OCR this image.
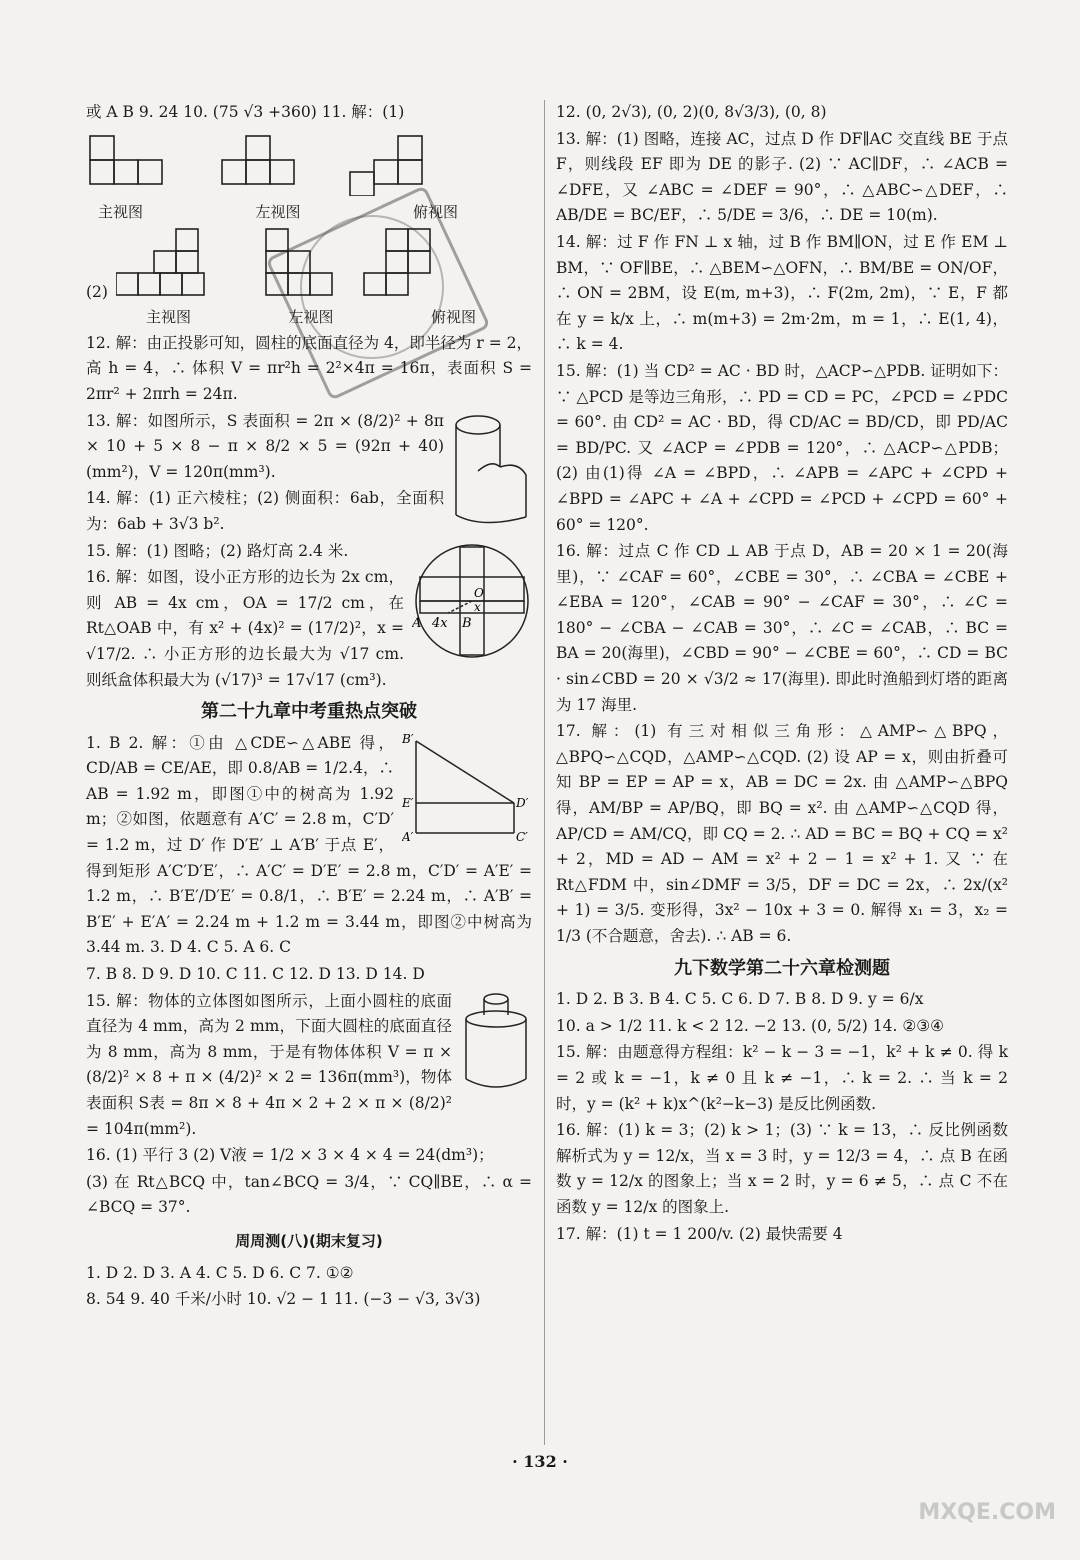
或 A B 9. 24 10. (75 √3 +360) 11. 解：(1)

主视图	左视图	俯视图
(2)
主视图	左视图	俯视图

12. 解：由正投影可知，圆柱的底面直径为 4，即半径为 r = 2，高 h = 4，∴ 体积 V = πr²h = 2²×4π = 16π，表面积 S = 2πr² + 2πrh = 24π.

13. 解：如图所示，S 表面积 = 2π × (8/2)² + 8π × 10 + 5 × 8 − π × 8/2 × 5 = (92π + 40)(mm²)，V = 120π(mm³).

14. 解：(1) 正六棱柱；(2) 侧面积：6ab，全面积为：6ab + 3√3 b².

A 4x B
O
x

15. 解：(1) 图略；(2) 路灯高 2.4 米.

16. 解：如图，设小正方形的边长为 2x cm，则 AB = 4x cm，OA = 17/2 cm，在 Rt△OAB 中，有 x² + (4x)² = (17/2)²，x = √17/2. ∴ 小正方形的边长最大为 √17 cm. 则纸盒体积最大为 (√17)³ = 17√17 (cm³).

第二十九章中考重热点突破
B′
E′	D′
A′	C′

1. B 2. 解：①由 △CDE∽△ABE 得，CD/AB = CE/AE，即 0.8/AB = 1/2.4，∴ AB = 1.92 m，即图①中的树高为 1.92 m；②如图，依题意有 A′C′ = 2.8 m，C′D′ = 1.2 m，过 D′ 作 D′E′ ⊥ A′B′ 于点 E′，得到矩形 A′C′D′E′，∴ A′C′ = D′E′ = 2.8 m，C′D′ = A′E′ = 1.2 m，∴ B′E′/D′E′ = 0.8/1，∴ B′E′ = 2.24 m，∴ A′B′ = B′E′ + E′A′ = 2.24 m + 1.2 m = 3.44 m，即图②中树高为 3.44 m. 3. D 4. C 5. A 6. C

7. B 8. D 9. D 10. C 11. C 12. D 13. D 14. D

15. 解：物体的立体图如图所示，上面小圆柱的底面直径为 4 mm，高为 2 mm，下面大圆柱的底面直径为 8 mm，高为 8 mm，于是有物体体积 V = π × (8/2)² × 8 + π × (4/2)² × 2 = 136π(mm³)，物体表面积 S表 = 8π × 8 + 4π × 2 + 2 × π × (8/2)² = 104π(mm²).

16. (1) 平行 3 (2) V液 = 1/2 × 3 × 4 × 4 = 24(dm³)；

(3) 在 Rt△BCQ 中，tan∠BCQ = 3/4，∵ CQ∥BE，∴ α = ∠BCQ = 37°.

周周测(八)(期末复习)

1. D 2. D 3. A 4. C 5. D 6. C 7. ①②

8. 54 9. 40 千米/小时 10. √2 − 1 11. (−3 − √3, 3√3)

12. (0, 2√3), (0, 2)(0, 8√3/3), (0, 8)

13. 解：(1) 图略，连接 AC，过点 D 作 DF∥AC 交直线 BE 于点 F，则线段 EF 即为 DE 的影子. (2) ∵ AC∥DF，∴ ∠ACB = ∠DFE，又 ∠ABC = ∠DEF = 90°，∴ △ABC∽△DEF，∴ AB/DE = BC/EF，∴ 5/DE = 3/6，∴ DE = 10(m).

14. 解：过 F 作 FN ⊥ x 轴，过 B 作 BM∥ON，过 E 作 EM ⊥ BM，∵ OF∥BE，∴ △BEM∽△OFN，∴ BM/BE = ON/OF，∴ ON = 2BM，设 E(m, m+3)，∴ F(2m, 2m)，∵ E，F 都在 y = k/x 上，∴ m(m+3) = 2m·2m，m = 1，∴ E(1, 4)，∴ k = 4.

15. 解：(1) 当 CD² = AC · BD 时，△ACP∽△PDB. 证明如下：∵ △PCD 是等边三角形，∴ PD = CD = PC，∠PCD = ∠PDC = 60°. 由 CD² = AC · BD，得 CD/AC = BD/CD，即 PD/AC = BD/PC. 又 ∠ACP = ∠PDB = 120°，∴ △ACP∽△PDB；(2) 由(1)得 ∠A = ∠BPD，∴ ∠APB = ∠APC + ∠CPD + ∠BPD = ∠APC + ∠A + ∠CPD = ∠PCD + ∠CPD = 60° + 60° = 120°.

16. 解：过点 C 作 CD ⊥ AB 于点 D，AB = 20 × 1 = 20(海里)，∵ ∠CAF = 60°，∠CBE = 30°，∴ ∠CBA = ∠CBE + ∠EBA = 120°，∠CAB = 90° − ∠CAF = 30°，∴ ∠C = 180° − ∠CBA − ∠CAB = 30°，∴ ∠C = ∠CAB，∴ BC = BA = 20(海里)，∠CBD = 90° − ∠CBE = 60°，∴ CD = BC · sin∠CBD = 20 × √3/2 ≈ 17(海里). 即此时渔船到灯塔的距离为 17 海里.

17. 解：(1) 有三对相似三角形：△AMP∽△BPQ，△BPQ∽△CQD，△AMP∽△CQD. (2) 设 AP = x，则由折叠可知 BP = EP = AP = x，AB = DC = 2x. 由 △AMP∽△BPQ 得，AM/BP = AP/BQ，即 BQ = x². 由 △AMP∽△CQD 得，AP/CD = AM/CQ，即 CQ = 2. ∴ AD = BC = BQ + CQ = x² + 2，MD = AD − AM = x² + 2 − 1 = x² + 1. 又 ∵ 在 Rt△FDM 中，sin∠DMF = 3/5，DF = DC = 2x，∴ 2x/(x² + 1) = 3/5. 变形得，3x² − 10x + 3 = 0. 解得 x₁ = 3，x₂ = 1/3 (不合题意，舍去). ∴ AB = 6.

九下数学第二十六章检测题

1. D 2. B 3. B 4. C 5. C 6. D 7. B 8. D 9. y = 6/x

10. a > 1/2 11. k < 2 12. −2 13. (0, 5/2) 14. ②③④

15. 解：由题意得方程组：k² − k − 3 = −1，k² + k ≠ 0. 得 k = 2 或 k = −1，k ≠ 0 且 k ≠ −1，∴ k = 2. ∴ 当 k = 2 时，y = (k² + k)x^(k²−k−3) 是反比例函数.

16. 解：(1) k = 3；(2) k > 1；(3) ∵ k = 13，∴ 反比例函数解析式为 y = 12/x，当 x = 3 时，y = 12/3 = 4，∴ 点 B 在函数 y = 12/x 的图象上；当 x = 2 时，y = 6 ≠ 5，∴ 点 C 不在函数 y = 12/x 的图象上.

17. 解：(1) t = 1 200/v. (2) 最快需要 4

· 132 ·
MXQE.COM
